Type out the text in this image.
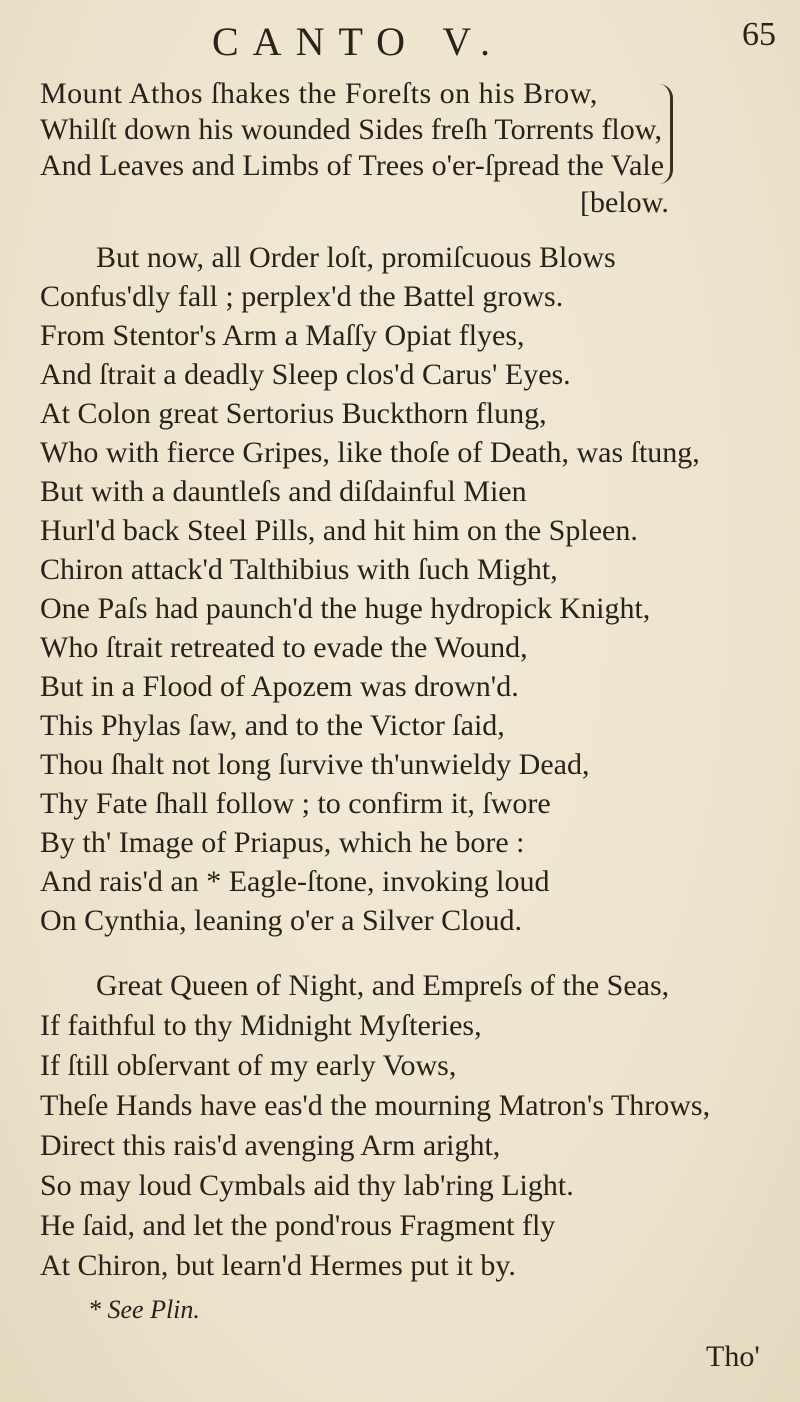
CANTO V.	65
Mount Athos ſhakes the Foreſts on his Brow,
Whilſt down his wounded Sides freſh Torrents flow,
And Leaves and Limbs of Trees o'er-ſpread the Vale
[below.
But now, all Order loſt, promiſcuous Blows
Confus'dly fall ; perplex'd the Battel grows.
From Stentor's Arm a Maſſy Opiat flyes,
And ſtrait a deadly Sleep clos'd Carus' Eyes.
At Colon great Sertorius Buckthorn flung,
Who with fierce Gripes, like thoſe of Death, was ſtung,
But with a dauntleſs and diſdainful Mien
Hurl'd back Steel Pills, and hit him on the Spleen.
Chiron attack'd Talthibius with ſuch Might,
One Paſs had paunch'd the huge hydropick Knight,
Who ſtrait retreated to evade the Wound,
But in a Flood of Apozem was drown'd.
This Phylas ſaw, and to the Victor ſaid,
Thou ſhalt not long ſurvive th'unwieldy Dead,
Thy Fate ſhall follow ; to confirm it, ſwore
By th' Image of Priapus, which he bore :
And rais'd an * Eagle-ſtone, invoking loud
On Cynthia, leaning o'er a Silver Cloud.
Great Queen of Night, and Empreſs of the Seas,
If faithful to thy Midnight Myſteries,
If ſtill obſervant of my early Vows,
Theſe Hands have eas'd the mourning Matron's Throws,
Direct this rais'd avenging Arm aright,
So may loud Cymbals aid thy lab'ring Light.
He ſaid, and let the pond'rous Fragment fly
At Chiron, but learn'd Hermes put it by.
* See Plin.
Tho'
